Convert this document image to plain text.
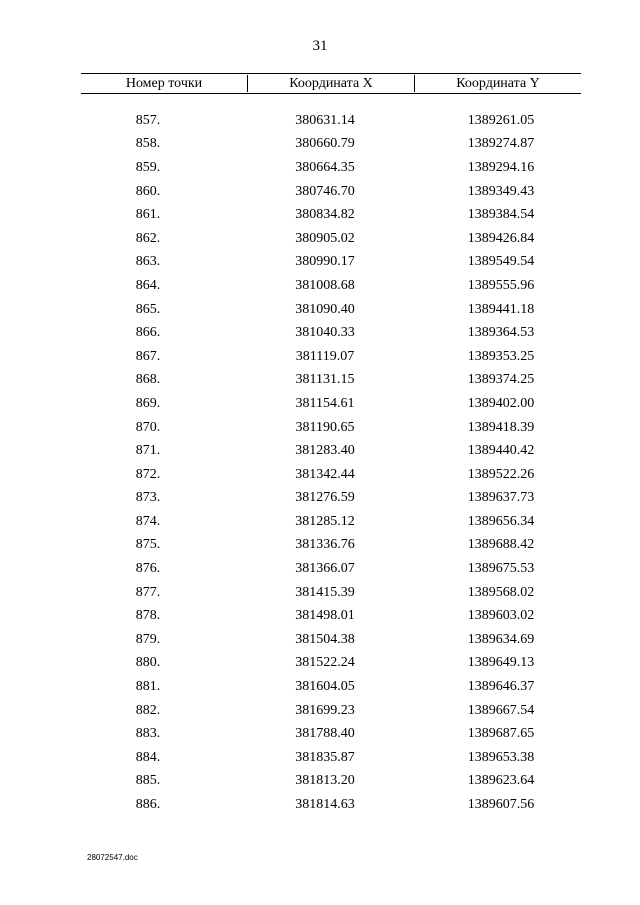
31
Номер точки	Координата X	Координата Y
857.	380631.14	1389261.05
858.	380660.79	1389274.87
859.	380664.35	1389294.16
860.	380746.70	1389349.43
861.	380834.82	1389384.54
862.	380905.02	1389426.84
863.	380990.17	1389549.54
864.	381008.68	1389555.96
865.	381090.40	1389441.18
866.	381040.33	1389364.53
867.	381119.07	1389353.25
868.	381131.15	1389374.25
869.	381154.61	1389402.00
870.	381190.65	1389418.39
871.	381283.40	1389440.42
872.	381342.44	1389522.26
873.	381276.59	1389637.73
874.	381285.12	1389656.34
875.	381336.76	1389688.42
876.	381366.07	1389675.53
877.	381415.39	1389568.02
878.	381498.01	1389603.02
879.	381504.38	1389634.69
880.	381522.24	1389649.13
881.	381604.05	1389646.37
882.	381699.23	1389667.54
883.	381788.40	1389687.65
884.	381835.87	1389653.38
885.	381813.20	1389623.64
886.	381814.63	1389607.56
28072547.doc
